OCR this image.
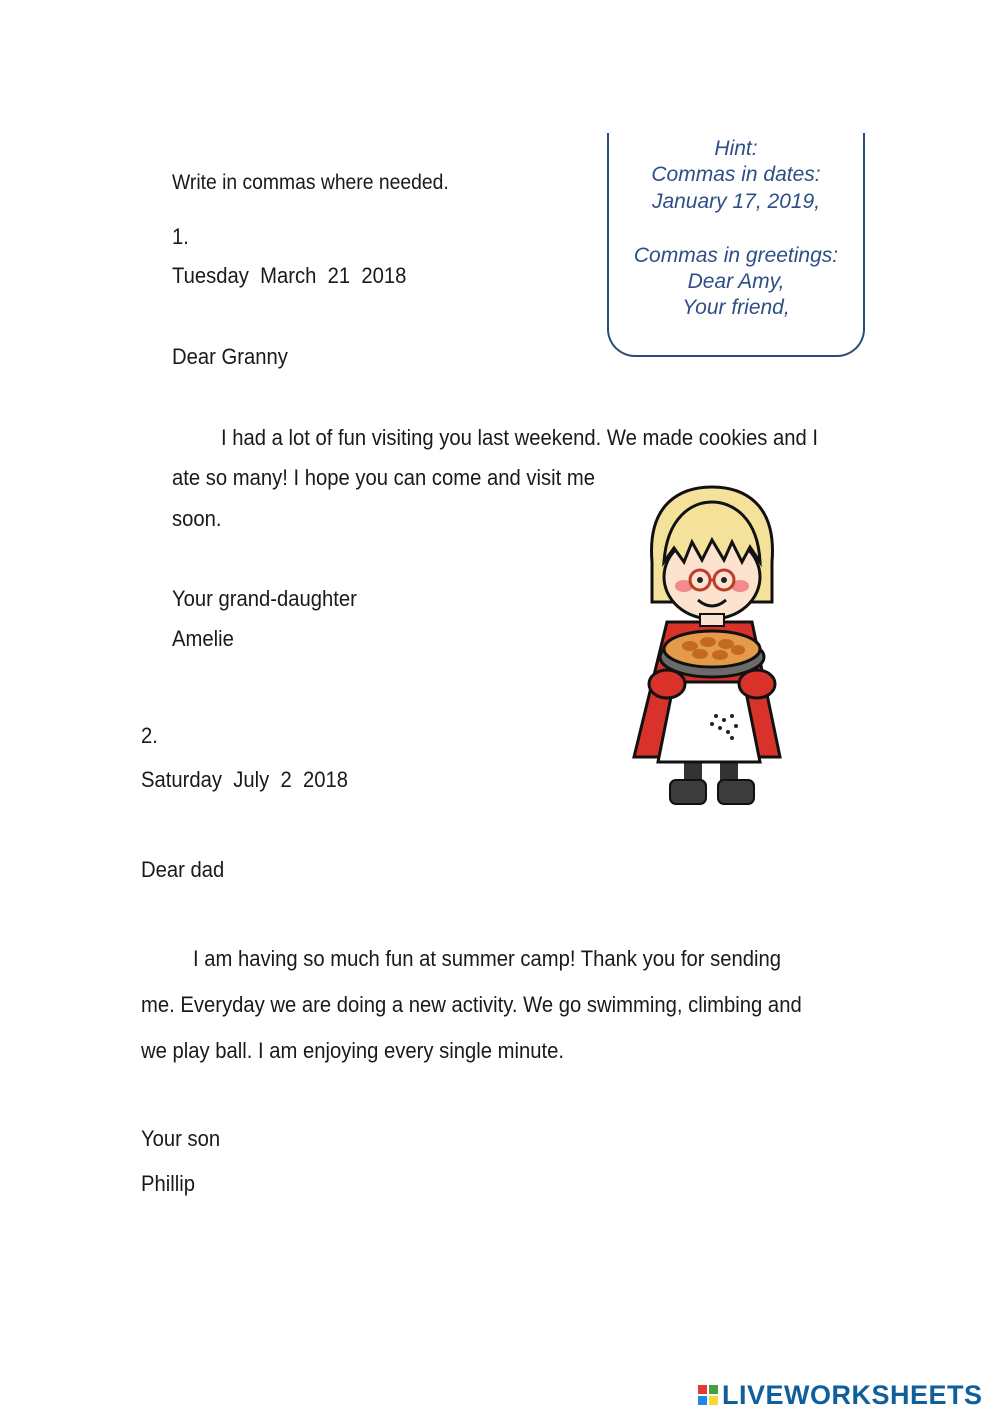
Write in commas where needed.
Hint:
Commas in dates:
January 17, 2019,
Commas in greetings:
Dear Amy,
Your friend,
1.
Tuesday  March  21  2018
Dear Granny
I had a lot of fun visiting you last weekend. We made cookies and I
ate so many! I hope you can come and visit me
soon.
Your grand-daughter
Amelie
2.
Saturday  July  2  2018
Dear dad
I am having so much fun at summer camp! Thank you for sending
me. Everyday we are doing a new activity. We go swimming, climbing and
we play ball. I am enjoying every single minute.
Your son
Phillip
LIVEWORKSHEETS
